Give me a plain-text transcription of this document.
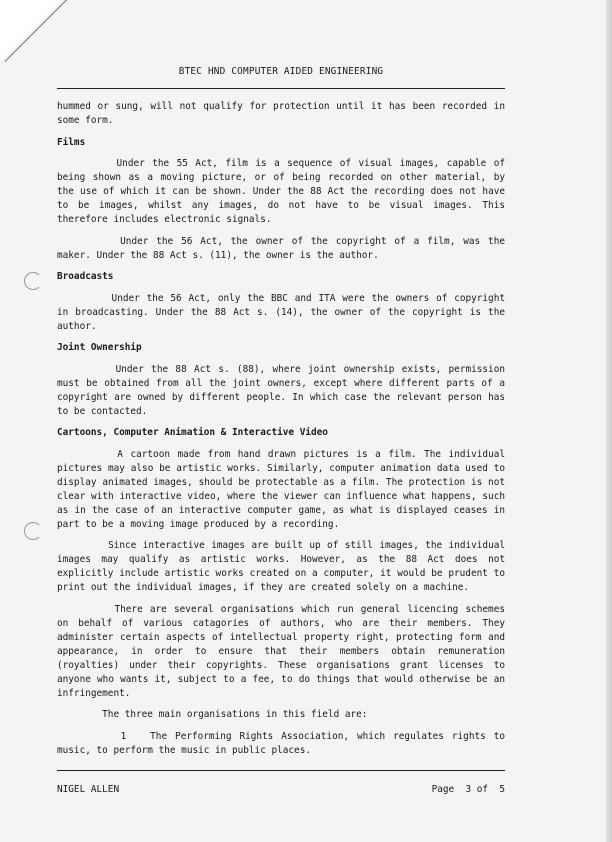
BTEC HND COMPUTER AIDED ENGINEERING
hummed or sung, will not qualify for protection until it has been recorded in
some form.
Films
Under the 55 Act, film is a sequence of visual images, capable of
being shown as a moving picture, or of being recorded on other material, by
the use of which it can be shown. Under the 88 Act the recording does not have
to be images, whilst any images, do not have to be visual images. This
therefore includes electronic signals.
Under the 56 Act, the owner of the copyright of a film, was the
maker. Under the 88 Act s. (11), the owner is the author.
Broadcasts
Under the 56 Act, only the BBC and ITA were the owners of copyright
in broadcasting. Under the 88 Act s. (14), the owner of the copyright is the
author.
Joint Ownership
Under the 88 Act s. (88), where joint ownership exists, permission
must be obtained from all the joint owners, except where different parts of a
copyright are owned by different people. In which case the relevant person has
to be contacted.
Cartoons, Computer Animation & Interactive Video
A cartoon made from hand drawn pictures is a film. The individual
pictures may also be artistic works. Similarly, computer animation data used to
display animated images, should be protectable as a film. The protection is not
clear with interactive video, where the viewer can influence what happens, such
as in the case of an interactive computer game, as what is displayed ceases in
part to be a moving image produced by a recording.
Since interactive images are built up of still images, the individual
images may qualify as artistic works. However, as the 88 Act does not
explicitly include artistic works created on a computer, it would be prudent to
print out the individual images, if they are created solely on a machine.
There are several organisations which run general licencing schemes
on behalf of various catagories of authors, who are their members. They
administer certain aspects of intellectual property right, protecting form and
appearance, in order to ensure that their members obtain remuneration
(royalties) under their copyrights. These organisations grant licenses to
anyone who wants it, subject to a fee, to do things that would otherwise be an
infringement.
The three main organisations in this field are:
1   The Performing Rights Association, which regulates rights to
music, to perform the music in public places.
NIGEL ALLEN	Page  3 of  5
